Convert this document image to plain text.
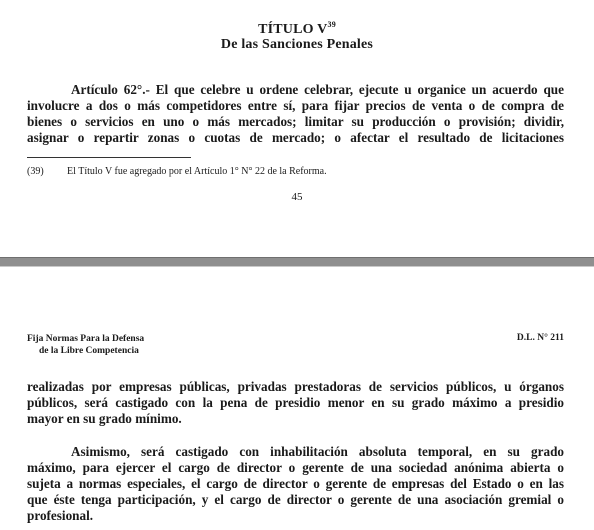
TÍTULO $V^{39}$
De las Sanciones Penales

Artículo 62°.- El que celebre u ordene celebrar, ejecute u organice un acuerdo que
involucre a dos o más competidores entre sí, para fijar precios de venta o de compra de
bienes o servicios en uno o más mercados; limitar su producción o provisión; dividir,
asignar o repartir zonas o cuotas de mercado; o afectar el resultado de licitaciones

(39) El Título V fue agregado por el Artículo 1° N° 22 de la Reforma.
45
Fija Normas Para la Defensa
de la Libre Competencia
D.L. N° 211

realizadas por empresas públicas, privadas prestadoras de servicios públicos, u órganos
públicos, será castigado con la pena de presidio menor en su grado máximo a presidio
mayor en su grado mínimo.

Asimismo, será castigado con inhabilitación absoluta temporal, en su grado
máximo, para ejercer el cargo de director o gerente de una sociedad anónima abierta o
sujeta a normas especiales, el cargo de director o gerente de empresas del Estado o en las
que éste tenga participación, y el cargo de director o gerente de una asociación gremial o
profesional.
